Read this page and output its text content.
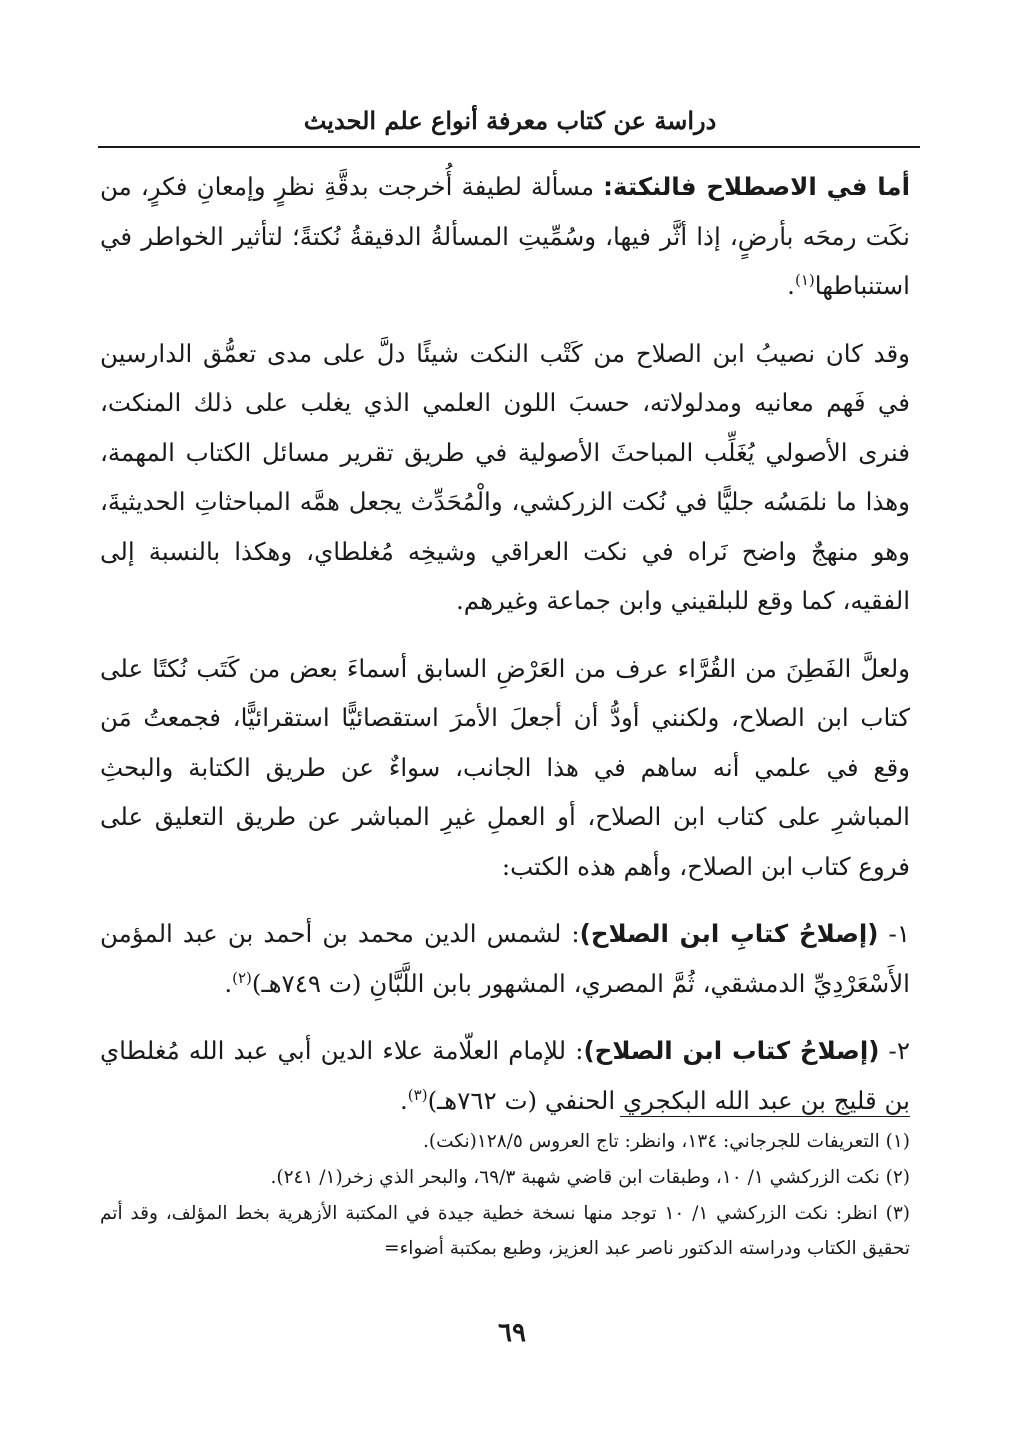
دراسة عن كتاب معرفة أنواع علم الحديث

أما في الاصطلاح فالنكتة: مسألة لطيفة أُخرجت بدقَّةِ نظرٍ وإمعانِ فكرٍ، من نكَت رمحَه بأرضٍ، إذا أثَّر فيها، وسُمِّيتِ المسألةُ الدقيقةُ نُكتةً؛ لتأثير الخواطر في استنباطها$^{(١)}$.

وقد كان نصيبُ ابن الصلاح من كَتْب النكت شيئًا دلَّ على مدى تعمُّق الدارسين في فَهم معانيه ومدلولاته، حسبَ اللون العلمي الذي يغلب على ذلك المنكت، فنرى الأصولي يُغَلِّب المباحثَ الأصولية في طريق تقرير مسائل الكتاب المهمة، وهذا ما نلمَسُه جليًّا في نُكت الزركشي، والْمُحَدِّث يجعل همَّه المباحثاتِ الحديثيةَ، وهو منهجٌ واضح نَراه في نكت العراقي وشيخِه مُغلطاي، وهكذا بالنسبة إلى الفقيه، كما وقع للبلقيني وابن جماعة وغيرهم.

ولعلَّ الفَطِنَ من القُرَّاء عرف من العَرْضِ السابق أسماءَ بعض من كَتَب نُكتًا على كتاب ابن الصلاح، ولكنني أودُّ أن أجعلَ الأمرَ استقصائيًّا استقرائيًّا، فجمعتُ مَن وقع في علمي أنه ساهم في هذا الجانب، سواءٌ عن طريق الكتابة والبحثِ المباشرِ على كتاب ابن الصلاح، أو العملِ غيرِ المباشر عن طريق التعليق على فروع كتاب ابن الصلاح، وأهم هذه الكتب:

١- (إصلاحُ كتابِ ابن الصلاح): لشمس الدين محمد بن أحمد بن عبد المؤمن الأَسْعَرْدِيِّ الدمشقي، ثُمَّ المصري، المشهور بابن اللَّبَّانِ (ت ٧٤٩هـ)$^{(٢)}$.

٢- (إصلاحُ كتاب ابن الصلاح): للإمام العلّامة علاء الدين أبي عبد الله مُغلطاي بن قليج بن عبد الله البكجري الحنفي (ت ٧٦٢هـ)$^{(٣)}$.

(١) التعريفات للجرجاني: ١٣٤، وانظر: تاج العروس ١٢٨/٥(نكت).

(٢) نكت الزركشي ١/ ١٠، وطبقات ابن قاضي شهبة ٦٩/٣، والبحر الذي زخر(١/ ٢٤١).

(٣) انظر: نكت الزركشي ١/ ١٠ توجد منها نسخة خطية جيدة في المكتبة الأزهرية بخط المؤلف، وقد أتم تحقيق الكتاب ودراسته الدكتور ناصر عبد العزيز، وطبع بمكتبة أضواء=

٦٩
